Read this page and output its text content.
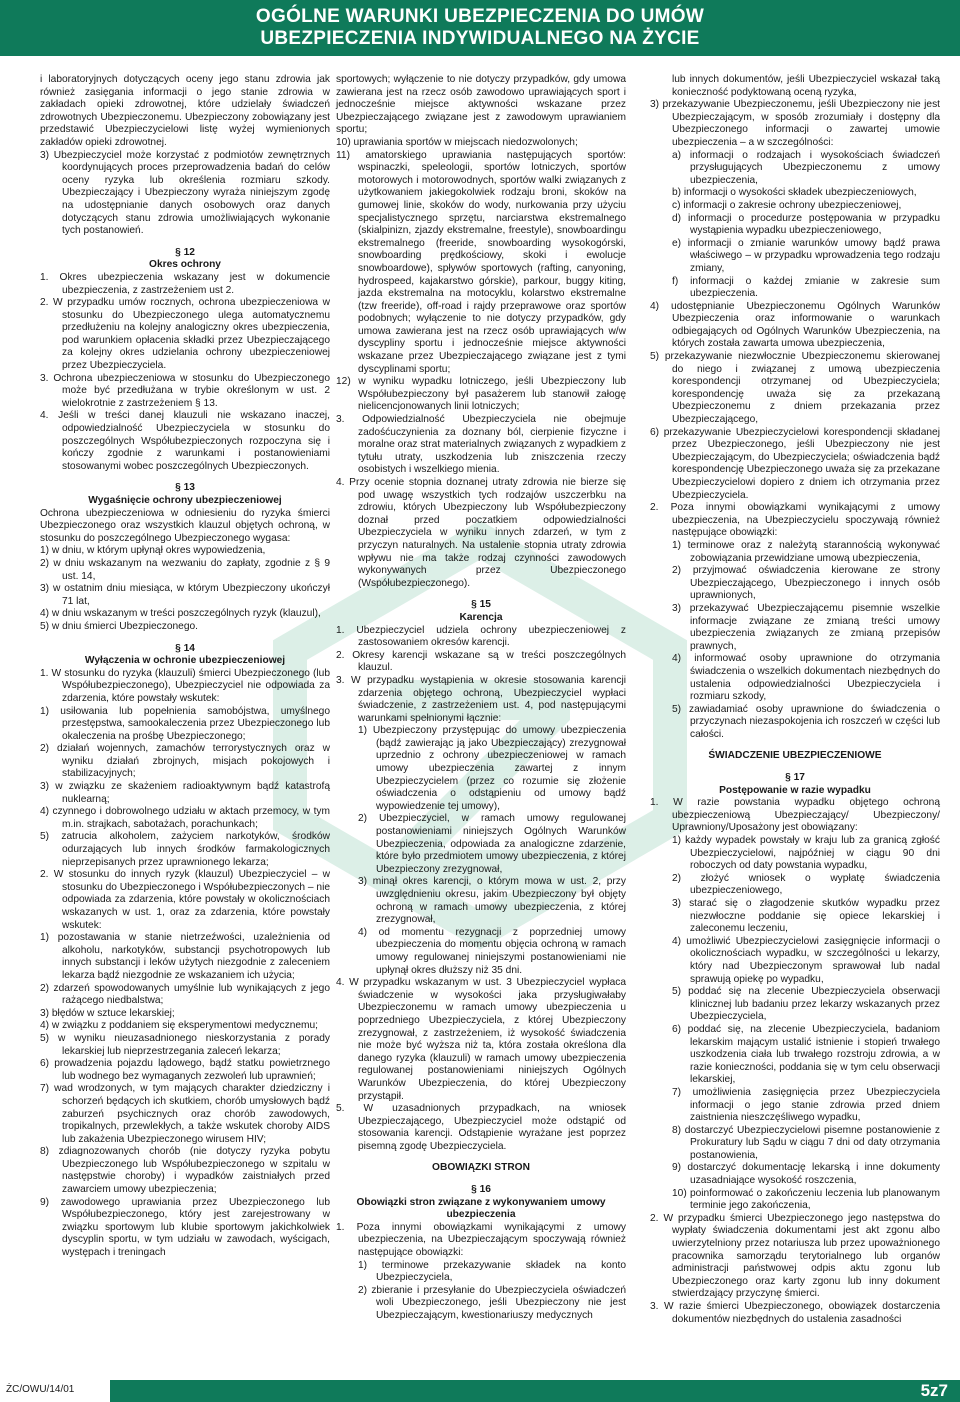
OGÓLNE WARUNKI UBEZPIECZENIA DO UMÓW
UBEZPIECZENIA INDYWIDUALNEGO NA ŻYCIE

i laboratoryjnych dotyczących oceny jego stanu zdrowia jak również zasięgania informacji o jego stanie zdrowia w zakładach opieki zdrowotnej, które udzielały świadczeń zdrowotnych Ubezpieczonemu. Ubezpieczony zobowiązany jest przedstawić Ubezpieczycielowi listę wyżej wymienionych zakładów opieki zdrowotnej.

3) Ubezpieczyciel może korzystać z podmiotów zewnętrznych koordynujących proces przeprowadzenia badań do celów oceny ryzyka lub określenia rozmiaru szkody. Ubezpieczający i Ubezpieczony wyraża niniejszym zgodę na udostępnianie danych osobowych oraz danych dotyczących stanu zdrowia umożliwiających wykonanie tych postanowień.

§ 12

Okres ochrony

1. Okres ubezpieczenia wskazany jest w dokumencie ubezpieczenia, z zastrzeżeniem ust 2.

2. W przypadku umów rocznych, ochrona ubezpieczeniowa w stosunku do Ubezpieczonego ulega automatycznemu przedłużeniu na kolejny analogiczny okres ubezpieczenia, pod warunkiem opłacenia składki przez Ubezpieczającego za kolejny okres udzielania ochrony ubezpieczeniowej przez Ubezpieczyciela.

3. Ochrona ubezpieczeniowa w stosunku do Ubezpieczonego może być przedłużana w trybie określonym w ust. 2 wielokrotnie z zastrzeżeniem § 13.

4. Jeśli w treści danej klauzuli nie wskazano inaczej, odpowiedzialność Ubezpieczyciela w stosunku do poszczególnych Współubezpieczonych rozpoczyna się i kończy zgodnie z warunkami i postanowieniami stosowanymi wobec poszczególnych Ubezpieczonych.

§ 13

Wygaśnięcie ochrony ubezpieczeniowej

Ochrona ubezpieczeniowa w odniesieniu do ryzyka śmierci Ubezpieczonego oraz wszystkich klauzul objętych ochroną, w stosunku do poszczególnego Ubezpieczonego wygasa:

1) w dniu, w którym upłynął okres wypowiedzenia,

2) w dniu wskazanym na wezwaniu do zapłaty, zgodnie z § 9 ust. 14,

3) w ostatnim dniu miesiąca, w którym Ubezpieczony ukończył 71 lat,

4) w dniu wskazanym w treści poszczególnych ryzyk (klauzul),

5) w dniu śmierci Ubezpieczonego.

§ 14

Wyłączenia w ochronie ubezpieczeniowej

1. W stosunku do ryzyka (klauzuli) śmierci Ubezpieczonego (lub Współubezpieczonego), Ubezpieczyciel nie odpowiada za zdarzenia, które powstały wskutek:

1) usiłowania lub popełnienia samobójstwa, umyślnego przestępstwa, samookaleczenia przez Ubezpieczonego lub okaleczenia na prośbę Ubezpieczonego;

2) działań wojennych, zamachów terrorystycznych oraz w wyniku działań zbrojnych, misjach pokojowych i stabilizacyjnych;

3) w związku ze skażeniem radioaktywnym bądź katastrofą nuklearną;

4) czynnego i dobrowolnego udziału w aktach przemocy, w tym m.in. strajkach, sabotażach, porachunkach;

5) zatrucia alkoholem, zażyciem narkotyków, środków odurzających lub innych środków farmakologicznych nieprzepisanych przez uprawnionego lekarza;

2. W stosunku do innych ryzyk (klauzul) Ubezpieczyciel – w stosunku do Ubezpieczonego i Współubezpieczonych – nie odpowiada za zdarzenia, które powstały w okolicznościach wskazanych w ust. 1, oraz za zdarzenia, które powstały wskutek:

1) pozostawania w stanie nietrzeźwości, uzależnienia od alkoholu, narkotyków, substancji psychotropowych lub innych substancji i leków użytych niezgodnie z zaleceniem lekarza bądź niezgodnie ze wskazaniem ich użycia;

2) zdarzeń spowodowanych umyślnie lub wynikających z jego rażącego niedbalstwa;

3) błędów w sztuce lekarskiej;

4) w związku z poddaniem się eksperymentowi medycznemu;

5) w wyniku nieuzasadnionego nieskorzystania z porady lekarskiej lub nieprzestrzegania zaleceń lekarza;

6) prowadzenia pojazdu lądowego, bądź statku powietrznego lub wodnego bez wymaganych zezwoleń lub uprawnień;

7) wad wrodzonych, w tym mających charakter dziedziczny i schorzeń będących ich skutkiem, chorób umysłowych bądź zaburzeń psychicznych oraz chorób zawodowych, tropikalnych, przewlekłych, a także wskutek choroby AIDS lub zakażenia Ubezpieczonego wirusem HIV;

8) zdiagnozowanych chorób (nie dotyczy ryzyka pobytu Ubezpieczonego lub Współubezpieczonego w szpitalu w następstwie choroby) i wypadków zaistniałych przed zawarciem umowy ubezpieczenia;

9) zawodowego uprawiania przez Ubezpieczonego lub Współubezpieczonego, który jest zarejestrowany w związku sportowym lub klubie sportowym jakichkolwiek dyscyplin sportu, w tym udziału w zawodach, wyścigach, występach i treningach

sportowych; wyłączenie to nie dotyczy przypadków, gdy umowa zawierana jest na rzecz osób zawodowo uprawiających sport i jednocześnie miejsce aktywności wskazane przez Ubezpieczającego związane jest z zawodowym uprawianiem sportu;

10) uprawiania sportów w miejscach niedozwolonych;

11) amatorskiego uprawiania następujących sportów: wspinaczki, speleologii, sportów lotniczych, sportów motorowych i motorowodnych, sportów walki związanych z użytkowaniem jakiegokolwiek rodzaju broni, skoków na gumowej linie, skoków do wody, nurkowania przy użyciu specjalistycznego sprzętu, narciarstwa ekstremalnego (skialpinizn, zjazdy ekstremalne, freestyle), snowboardingu ekstremalnego (freeride, snowboarding wysokogórski, snowboarding prędkościowy, skoki i ewolucje snowboardowe), spływów sportowych (rafting, canyoning, hydrospeed, kajakarstwo górskie), parkour, buggy kiting, jazda ekstremalna na motocyklu, kolarstwo ekstremalne (tzw freeride), off-road i rajdy przeprawowe oraz sportów podobnych; wyłączenie to nie dotyczy przypadków, gdy umowa zawierana jest na rzecz osób uprawiających w/w dyscypliny sportu i jednocześnie miejsce aktywności wskazane przez Ubezpieczającego związane jest z tymi dyscyplinami sportu;

12) w wyniku wypadku lotniczego, jeśli Ubezpieczony lub Współubezpieczony był pasażerem lub stanowił załogę nielicencjonowanych linii lotniczych;

3. Odpowiedzialność Ubezpieczyciela nie obejmuje zadośćuczynienia za doznany ból, cierpienie fizyczne i moralne oraz strat materialnych związanych z wypadkiem z tytułu utraty, uszkodzenia lub zniszczenia rzeczy osobistych i wszelkiego mienia.

4. Przy ocenie stopnia doznanej utraty zdrowia nie bierze się pod uwagę wszystkich tych rodzajów uszczerbku na zdrowiu, których Ubezpieczony lub Współubezpieczony doznał przed poczatkiem odpowiedzialności Ubezpieczyciela w wyniku innych zdarzeń, w tym z przyczyn naturalnych. Na ustalenie stopnia utraty zdrowia wpływu nie ma także rodzaj czynności zawodowych wykonywanych przez Ubezpieczonego (Współubezpieczonego).

§ 15

Karencja

1. Ubezpieczyciel udziela ochrony ubezpieczeniowej z zastosowaniem okresów karencji.

2. Okresy karencji wskazane są w treści poszczególnych klauzul.

3. W przypadku wystąpienia w okresie stosowania karencji zdarzenia objętego ochroną, Ubezpieczyciel wypłaci świadczenie, z zastrzeżeniem ust. 4, pod następującymi warunkami spełnionymi łącznie:

1) Ubezpieczony przystępując do umowy ubezpieczenia (bądź zawierając ją jako Ubezpieczający) zrezygnował uprzednio z ochrony ubezpieczeniowej w ramach umowy ubezpieczenia zawartej z innym Ubezpieczycielem (przez co rozumie się złożenie oświadczenia o odstąpieniu od umowy bądź wypowiedzenie tej umowy),

2) Ubezpieczyciel, w ramach umowy regulowanej postanowieniami niniejszych Ogólnych Warunków Ubezpieczenia, odpowiada za analogiczne zdarzenie, które było przedmiotem umowy ubezpieczenia, z której Ubezpieczony zrezygnował,

3) minął okres karencji, o którym mowa w ust. 2, przy uwzględnieniu okresu, jakim Ubezpieczony był objęty ochroną w ramach umowy ubezpieczenia, z której zrezygnował,

4) od momentu rezygnacji z poprzedniej umowy ubezpieczenia do momentu objęcia ochroną w ramach umowy regulowanej niniejszymi postanowieniami nie upłynął okres dłuższy niż 35 dni.

4. W przypadku wskazanym w ust. 3 Ubezpieczyciel wypłaca świadczenie w wysokości jaka przysługiwałaby Ubezpieczonemu w ramach umowy ubezpieczenia u poprzedniego Ubezpieczyciela, z której Ubezpieczony zrezygnował, z zastrzeżeniem, iż wysokość świadczenia nie może być wyższa niż ta, która została określona dla danego ryzyka (klauzuli) w ramach umowy ubezpieczenia regulowanej postanowieniami niniejszych Ogólnych Warunków Ubezpieczenia, do której Ubezpieczony przystąpił.

5. W uzasadnionych przypadkach, na wniosek Ubezpieczającego, Ubezpieczyciel może odstąpić od stosowania karencji. Odstąpienie wyrażane jest poprzez pisemną zgodę Ubezpieczyciela.

OBOWIĄZKI STRON

§ 16

Obowiązki stron związane z wykonywaniem umowy ubezpieczenia

1. Poza innymi obowiązkami wynikającymi z umowy ubezpieczenia, na Ubezpieczającym spoczywają również następujące obowiązki:

1) terminowe przekazywanie składek na konto Ubezpieczyciela,

2) zbieranie i przesyłanie do Ubezpieczyciela oświadczeń woli Ubezpieczonego, jeśli Ubezpieczony nie jest Ubezpieczającym, kwestionariuszy medycznych

lub innych dokumentów, jeśli Ubezpieczyciel wskazał taką konieczność podyktowaną oceną ryzyka,

3) przekazywanie Ubezpieczonemu, jeśli Ubezpieczony nie jest Ubezpieczającym, w sposób zrozumiały i dostępny dla Ubezpieczonego informacji o zawartej umowie ubezpieczenia – a w szczególności:

a) informacji o rodzajach i wysokościach świadczeń przysługujących Ubezpieczonemu z umowy ubezpieczenia,

b) informacji o wysokości składek ubezpieczeniowych,

c) informacji o zakresie ochrony ubezpieczeniowej,

d) informacji o procedurze postępowania w przypadku wystąpienia wypadku ubezpieczeniowego,

e) informacji o zmianie warunków umowy bądź prawa właściwego – w przypadku wprowadzenia tego rodzaju zmiany,

f) informacji o każdej zmianie w zakresie sum ubezpieczenia.

4) udostępnianie Ubezpieczonemu Ogólnych Warunków Ubezpieczenia oraz informowanie o warunkach odbiegających od Ogólnych Warunków Ubezpieczenia, na których została zawarta umowa ubezpieczenia,

5) przekazywanie niezwłocznie Ubezpieczonemu skierowanej do niego i związanej z umową ubezpieczenia korespondencji otrzymanej od Ubezpieczyciela; korespondencję uważa się za przekazaną Ubezpieczonemu z dniem przekazania przez Ubezpieczającego,

6) przekazywanie Ubezpieczycielowi korespondencji składanej przez Ubezpieczonego, jeśli Ubezpieczony nie jest Ubezpieczającym, do Ubezpieczyciela; oświadczenia bądź korespondencję Ubezpieczonego uważa się za przekazane Ubezpieczycielowi dopiero z dniem ich otrzymania przez Ubezpieczyciela.

2. Poza innymi obowiązkami wynikającymi z umowy ubezpieczenia, na Ubezpieczycielu spoczywają również następujące obowiązki:

1) terminowe oraz z należytą starannością wykonywać zobowiązania przewidziane umową ubezpieczenia,

2) przyjmować oświadczenia kierowane ze strony Ubezpieczającego, Ubezpieczonego i innych osób uprawnionych,

3) przekazywać Ubezpieczającemu pisemnie wszelkie informacje związane ze zmianą treści umowy ubezpieczenia związanych ze zmianą przepisów prawnych,

4) informować osoby uprawnione do otrzymania świadczenia o wszelkich dokumentach niezbędnych do ustalenia odpowiedzialności Ubezpieczyciela i rozmiaru szkody,

5) zawiadamiać osoby uprawnione do świadczenia o przyczynach niezaspokojenia ich roszczeń w części lub całości.

ŚWIADCZENIE UBEZPIECZENIOWE

§ 17

Postępowanie w razie wypadku

1. W razie powstania wypadku objętego ochroną ubezpieczeniową Ubezpieczający/ Ubezpieczony/ Uprawniony/Uposażony jest obowiązany:

1) każdy wypadek powstały w kraju lub za granicą zgłość Ubezpieczycielowi, najpóźniej w ciągu 90 dni roboczych od daty powstania wypadku,

2) złożyć wniosek o wypłatę świadczenia ubezpieczeniowego,

3) starać się o złagodzenie skutków wypadku przez niezwłoczne poddanie się opiece lekarskiej i zaleconemu leczeniu,

4) umożliwić Ubezpieczycielowi zasięgnięcie informacji o okolicznościach wypadku, w szczególności u lekarzy, który nad Ubezpieczonym sprawował lub nadal sprawują opiekę po wypadku,

5) poddać się na zlecenie Ubezpieczyciela obserwacji klinicznej lub badaniu przez lekarzy wskazanych przez Ubezpieczyciela,

6) poddać się, na zlecenie Ubezpieczyciela, badaniom lekarskim mającym ustalić istnienie i stopień trwałego uszkodzenia ciała lub trwałego rozstroju zdrowia, a w razie konieczności, poddania się w tym celu obserwacji lekarskiej,

7) umożliwienia zasięgnięcia przez Ubezpieczyciela informacji o jego stanie zdrowia przed dniem zaistnienia nieszczęśliwego wypadku,

8) dostarczyć Ubezpieczycielowi pisemne postanowienie z Prokuratury lub Sądu w ciągu 7 dni od daty otrzymania postanowienia,

9) dostarczyć dokumentację lekarską i inne dokumenty uzasadniające wysokość roszczenia,

10) poinformować o zakończeniu leczenia lub planowanym terminie jego zakończenia,

2. W przypadku śmierci Ubezpieczonego jego następstwa do wypłaty świadczenia dokumentami jest akt zgonu albo uwierzytelniony przez notariusza lub przez upoważnionego pracownika samorządu terytorialnego lub organów administracji państwowej odpis aktu zgonu lub Ubezpieczonego oraz karty zgonu lub inny dokument stwierdzający przyczynę śmierci.

3. W razie śmierci Ubezpieczonego, obowiązek dostarczenia dokumentów niezbędnych do ustalenia zasadności

ŻC/OWU/14/01	5z7
